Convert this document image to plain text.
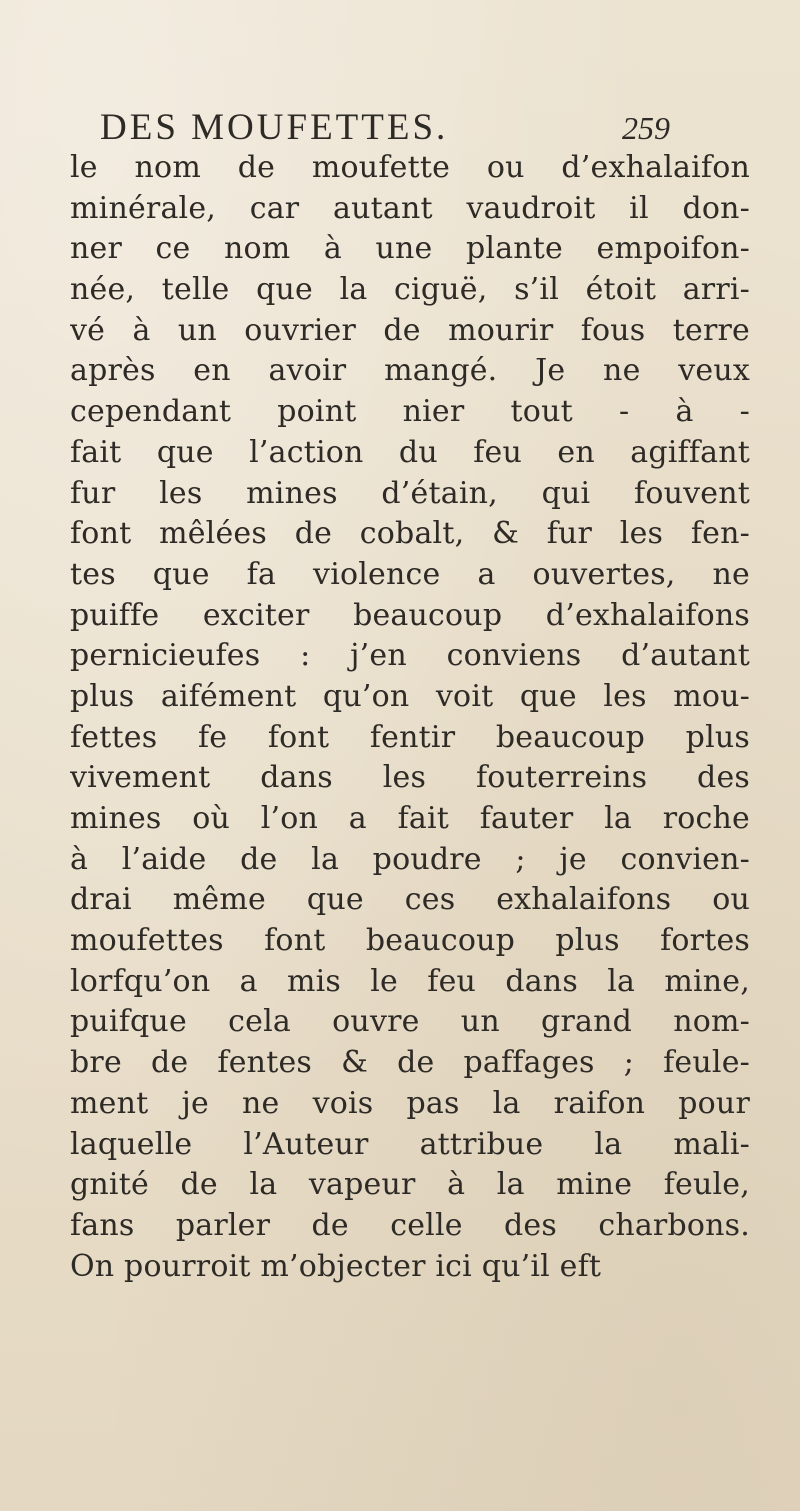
DES MOUFETTES.	259
le nom de moufette ou d’exhalaifon
minérale, car autant vaudroit il don-
ner ce nom à une plante empoifon-
née, telle que la ciguë, s’il étoit arri-
vé à un ouvrier de mourir fous terre
après en avoir mangé. Je ne veux
cependant point nier tout - à -
fait que l’action du feu en agiffant
fur les mines d’étain, qui fouvent
font mêlées de cobalt, & fur les fen-
tes que fa violence a ouvertes, ne
puiffe exciter beaucoup d’exhalaifons
pernicieufes : j’en conviens d’autant
plus aifément qu’on voit que les mou-
fettes fe font fentir beaucoup plus
vivement dans les fouterreins des
mines où l’on a fait fauter la roche
à l’aide de la poudre ; je convien-
drai même que ces exhalaifons ou
moufettes font beaucoup plus fortes
lorfqu’on a mis le feu dans la mine,
puifque cela ouvre un grand nom-
bre de fentes & de paffages ; feule-
ment je ne vois pas la raifon pour
laquelle l’Auteur attribue la mali-
gnité de la vapeur à la mine feule,
fans parler de celle des charbons.
On pourroit m’objecter ici qu’il eft
